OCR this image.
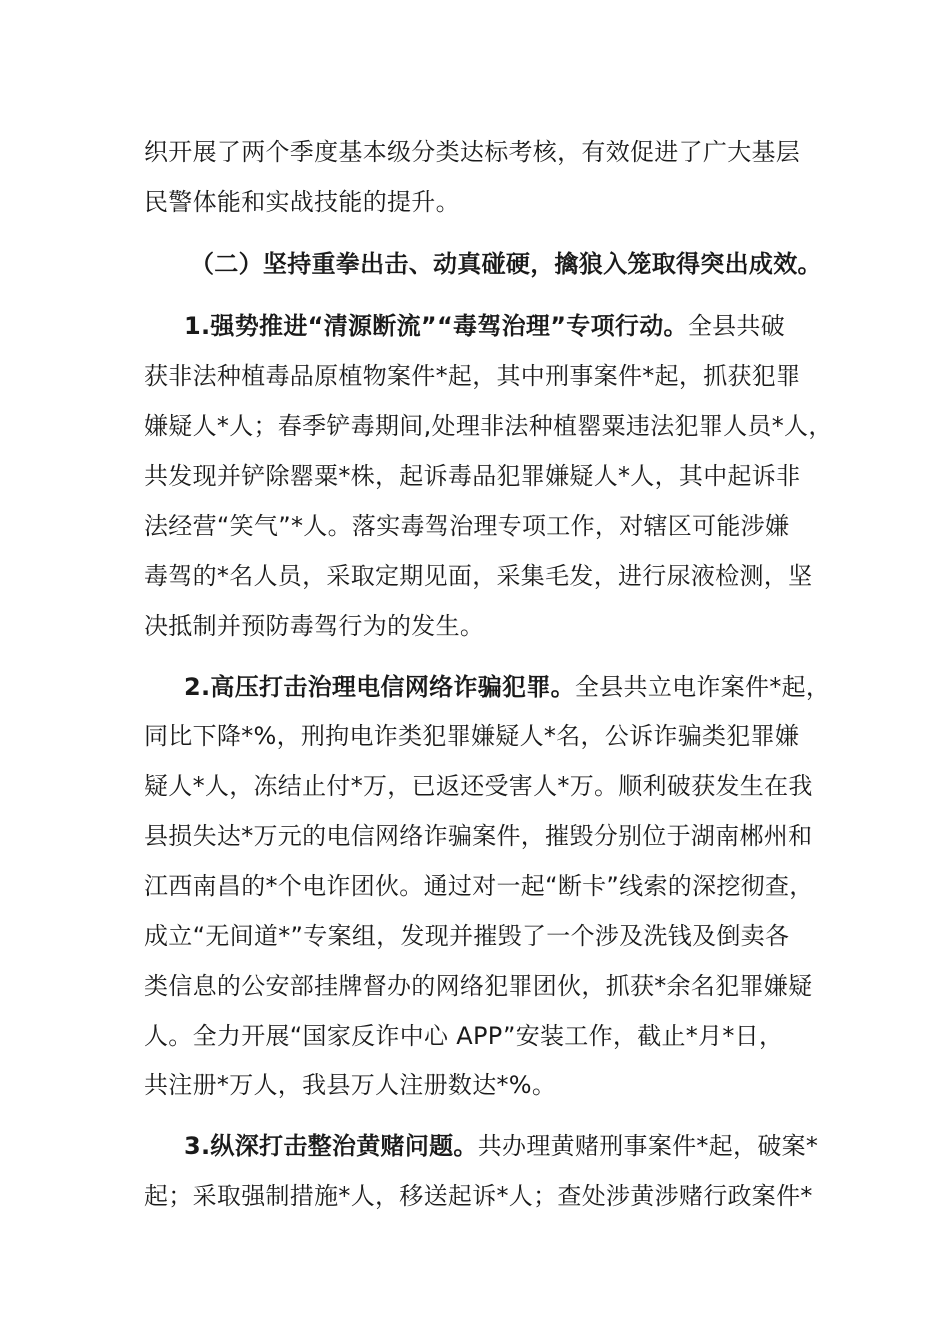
织开展了两个季度基本级分类达标考核，有效促进了广大基层
民警体能和实战技能的提升。
（二）坚持重拳出击、动真碰硬，擒狼入笼取得突出成效。
1.强势推进“清源断流”“毒驾治理”专项行动。全县共破
获非法种植毒品原植物案件*起，其中刑事案件*起，抓获犯罪
嫌疑人*人；春季铲毒期间,处理非法种植罂粟违法犯罪人员*人，
共发现并铲除罂粟*株，起诉毒品犯罪嫌疑人*人，其中起诉非
法经营“笑气”*人。落实毒驾治理专项工作，对辖区可能涉嫌
毒驾的*名人员，采取定期见面，采集毛发，进行尿液检测，坚
决抵制并预防毒驾行为的发生。
2.高压打击治理电信网络诈骗犯罪。全县共立电诈案件*起，
同比下降*%，刑拘电诈类犯罪嫌疑人*名，公诉诈骗类犯罪嫌
疑人*人，冻结止付*万，已返还受害人*万。顺利破获发生在我
县损失达*万元的电信网络诈骗案件，摧毁分别位于湖南郴州和
江西南昌的*个电诈团伙。通过对一起“断卡”线索的深挖彻查，
成立“无间道*”专案组，发现并摧毁了一个涉及洗钱及倒卖各
类信息的公安部挂牌督办的网络犯罪团伙，抓获*余名犯罪嫌疑
人。全力开展“国家反诈中心 APP”安装工作，截止*月*日，
共注册*万人，我县万人注册数达*%。
3.纵深打击整治黄赌问题。共办理黄赌刑事案件*起，破案*
起；采取强制措施*人，移送起诉*人；查处涉黄涉赌行政案件*
